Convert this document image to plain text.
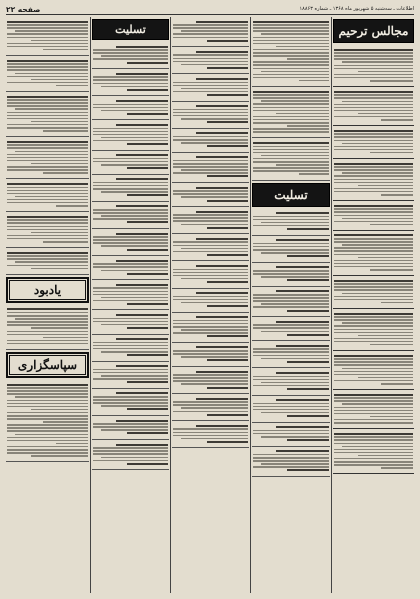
صفحه ۲۲	اطلاعات ـ سه‌شنبه ۵ شهریور ماه ۱۳۶۸ ـ شماره ۱۸۸۶۳
یادبود
سپاسگزاری
تسلیت
تسلیت
مجالس ترحیم
